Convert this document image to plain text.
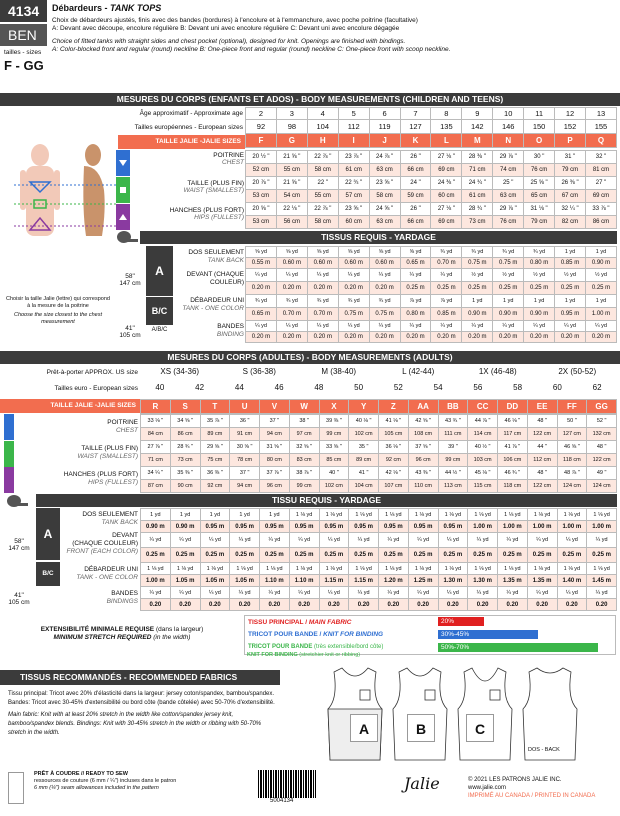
4134
BEN
tailles - sizes
F - GG
Débardeurs - TANK TOPS
Choix de débardeurs ajustés, finis avec des bandes (bordures) à l'encolure et à l'emmanchure, avec poche poitrine (facultative)
A: Devant avec découpe, encolure régulière B: Devant uni avec encolure régulière C: Devant uni avec encolure dégagée
Choice of fitted tanks with straight sides and chest pocket (optional), designed for knit. Openings are finished with bindings.
A: Color-blocked front and regular (round) neckline B: One-piece front and regular (round) neckline C: One-piece front with scoop neckline.
MESURES DU CORPS (ENFANTS ET ADOS) - BODY MEASUREMENTS (CHILDREN AND TEENS)
Âge approximatif - Approximate age
Tailles européennes - European sizes
TAILLE JALIE -JALIE SIZES
2	3	4	5	6	7	8	9	10	11	12	13
92	98	104	112	119	127	135	142	146	150	152	155
F	G	H	I	J	K	L	M	N	O	P	Q
POITRINE
CHEST
TAILLE (PLUS FIN)
WAIST (SMALLEST)
HANCHES (PLUS FORT)
HIPS (FULLEST)
20 ½ "	21 ⅝ "	22 ⅞ "	23 ⅞ "	24 ⅞ "	26 "	27 ⅛ "	28 ⅜ "	29 ⅞ "	30 "	31 "	32 "
52 cm	55 cm	58 cm	61 cm	63 cm	66 cm	69 cm	71 cm	74 cm	76 cm	79 cm	81 cm
20 ⅞ "	21 ⅝ "	22 "	22 ¾ "	23 ⅝ "	24 "	24 ⅜ "	24 ¾ "	25 "	25 ⅝ "	26 ⅜ "	27 "
53 cm	54 cm	55 cm	57 cm	58 cm	59 cm	60 cm	61 cm	63 cm	65 cm	67 cm	69 cm
20 ⅝ "	22 ⅛ "	22 ⅞ "	23 ⅝ "	24 ⅝ "	26 "	27 ⅛ "	28 ¾ "	29 ⅞ "	31 ⅛ "	32 ¼ "	33 ⅞ "
53 cm	56 cm	58 cm	60 cm	63 cm	66 cm	69 cm	73 cm	76 cm	79 cm	82 cm	86 cm
TISSUS REQUIS - YARDAGE
A
B/C
A/B/C
58"
147 cm
41"
105 cm
Choisir la taille Jalie (lettre) qui correspond à la mesure de la poitrine
Choose the size closest to the chest measurement
DOS SEULEMENT
TANK BACK
DEVANT (CHAQUE COULEUR)
DÉBARDEUR UNI
TANK - ONE COLOR
BANDES
BINDING
⅝ yd	⅝ yd	⅝ yd	⅝ yd	⅝ yd	⅝ yd	¾ yd	¾ yd	¾ yd	¾ yd	1 yd	1 yd
0.55 m	0.60 m	0.60 m	0.60 m	0.60 m	0.65 m	0.70 m	0.75 m	0.75 m	0.80 m	0.85 m	0.90 m
¼ yd	¼ yd	¼ yd	¼ yd	¼ yd	¼ yd	¼ yd	½ yd	½ yd	½ yd	½ yd	½ yd
0.20 m	0.20 m	0.20 m	0.20 m	0.20 m	0.25 m	0.25 m	0.25 m	0.25 m	0.25 m	0.25 m	0.25 m
¾ yd	¾ yd	¾ yd	¾ yd	¾ yd	⅞ yd	⅞ yd	1 yd	1 yd	1 yd	1 yd	1 yd
0.65 m	0.70 m	0.70 m	0.75 m	0.75 m	0.80 m	0.85 m	0.90 m	0.90 m	0.90 m	0.95 m	1.00 m
¼ yd	¼ yd	¼ yd	¼ yd	¼ yd	¼ yd	¼ yd	¼ yd	¼ yd	¼ yd	¼ yd	¼ yd
0.20 m	0.20 m	0.20 m	0.20 m	0.20 m	0.20 m	0.20 m	0.20 m	0.20 m	0.20 m	0.20 m	0.20 m
MESURES DU CORPS (ADULTES) - BODY MEASUREMENTS (ADULTS)
Prêt-à-porter APPROX. US size	XS (34-36)	S (36-38)	M (38-40)	L (42-44)	1X (46-48)	2X (50-52)
Tailles euro - European sizes	40	42	44	46	48	50	52	54	56	58	60	62
TAILLE JALIE -JALIE SIZES	R	S	T	U	V	W	X	Y	Z	AA	BB	CC	DD	EE	FF	GG
POITRINE
CHEST
TAILLE (PLUS FIN)
WAIST (SMALLEST)
HANCHES (PLUS FORT)
HIPS (FULLEST)
33 ⅛ "	34 ⅝ "	35 ⅞ "	36 "	37 "	38 "	39 ⅜ "	40 ⅛ "	41 ⅛ "	42 ⅝ "	43 ¾ "	44 ⅞ "	46 ⅛ "	48 "	50 "	52 "
84 cm	86 cm	89 cm	91 cm	94 cm	97 cm	99 cm	102 cm	105 cm	108 cm	111 cm	114 cm	117 cm	122 cm	127 cm	132 cm
27 ⅞ "	28 ¾ "	29 ⅝ "	30 ⅝ "	31 ⅝ "	32 ⅝ "	33 ⅝ "	35 "	36 ⅛ "	37 ⅝ "	39 "	40 ½ "	41 ⅞ "	44 "	46 ⅝ "	48 "
71 cm	73 cm	75 cm	78 cm	80 cm	83 cm	85 cm	89 cm	92 cm	96 cm	99 cm	103 cm	106 cm	112 cm	118 cm	122 cm
34 ¼ "	35 ⅜ "	36 ⅜ "	37 "	37 ⅞ "	38 ⅞ "	40 "	41 "	42 ⅛ "	43 ⅜ "	44 ½ "	45 ⅛ "	46 ¾ "	48 "	48 ⅞ "	49 "
87 cm	90 cm	92 cm	94 cm	96 cm	99 cm	102 cm	104 cm	107 cm	110 cm	113 cm	115 cm	118 cm	122 cm	124 cm	124 cm
TISSU REQUIS - YARDAGE
A
B/C
58"
147 cm
41"
105 cm
DOS SEULEMENT
TANK BACK
DEVANT
(CHAQUE COULEUR)
FRONT (EACH COLOR)
DÉBARDEUR UNI
TANK - ONE COLOR
BANDES
BINDINGS
1 yd	1 yd	1 yd	1 yd	1 yd	1 ⅛ yd	1 ⅛ yd	1 ⅛ yd	1 ⅛ yd	1 ⅛ yd	1 ⅛ yd	1 ⅛ yd	1 ⅛ yd	1 ⅛ yd	1 ⅛ yd	1 ⅛ yd
0.90 m	0.90 m	0.95 m	0.95 m	0.95 m	0.95 m	0.95 m	0.95 m	0.95 m	0.95 m	0.95 m	1.00 m	1.00 m	1.00 m	1.00 m	1.00 m
¼ yd	¼ yd	¼ yd	¼ yd	¼ yd	¼ yd	¼ yd	¼ yd	¼ yd	¼ yd	¼ yd	¼ yd	¼ yd	¼ yd	¼ yd	¼ yd
0.25 m	0.25 m	0.25 m	0.25 m	0.25 m	0.25 m	0.25 m	0.25 m	0.25 m	0.25 m	0.25 m	0.25 m	0.25 m	0.25 m	0.25 m	0.25 m
1 ⅛ yd	1 ⅛ yd	1 ⅛ yd	1 ⅛ yd	1 ⅛ yd	1 ⅛ yd	1 ⅛ yd	1 ⅛ yd	1 ⅛ yd	1 ⅛ yd	1 ⅛ yd	1 ⅛ yd	1 ⅛ yd	1 ⅛ yd	1 ⅛ yd	1 ⅛ yd
1.00 m	1.05 m	1.05 m	1.05 m	1.10 m	1.10 m	1.15 m	1.15 m	1.20 m	1.25 m	1.30 m	1.30 m	1.35 m	1.35 m	1.40 m	1.45 m
¼ yd	¼ yd	¼ yd	¼ yd	¼ yd	¼ yd	¼ yd	¼ yd	¼ yd	¼ yd	¼ yd	¼ yd	¼ yd	¼ yd	¼ yd	¼ yd
0.20	0.20	0.20	0.20	0.20	0.20	0.20	0.20	0.20	0.20	0.20	0.20	0.20	0.20	0.20	0.20
EXTENSIBILITÉ MINIMALE REQUISE (dans la largeur)
MINIMUM STRETCH REQUIRED (in the width)
TISSU PRINCIPAL / MAIN FABRIC
TRICOT POUR BANDE / KNIT FOR BINDING
TRICOT POUR BANDE (très extensible/bord côte)
20%
30%-45%
50%-70%
KNIT FOR BINDING (stretchier knit or ribbing)
TISSUS RECOMMANDÉS - RECOMMENDED FABRICS
Tissu principal: Tricot avec 20% d'élasticité dans la largeur: jersey coton/spandex, bambou/spandex. Bandes: Tricot avec 30-45% d'extensibilité ou bord côte (bande côtelée) avec 50-70% d'extensibilité.
Main fabric: Knit with at least 20% stretch in the width like cotton/spandex jersey knit, bamboo/spandex blends. Bindings: Knit with 30-45% stretch in the width or ribbing with 50-70% stretch in the width.	A	B	C
DOS - BACK
PRÊT À COUDRE // READY TO SEW
ressources de couture (6 mm / ¼") incluses dans le patron
6 mm (¼") seam allowances included in the pattern
5004134
Jalie	© 2021 LES PATRONS JALIE INC.
www.jalie.com
IMPRIMÉ AU CANADA / PRINTED IN CANADA
